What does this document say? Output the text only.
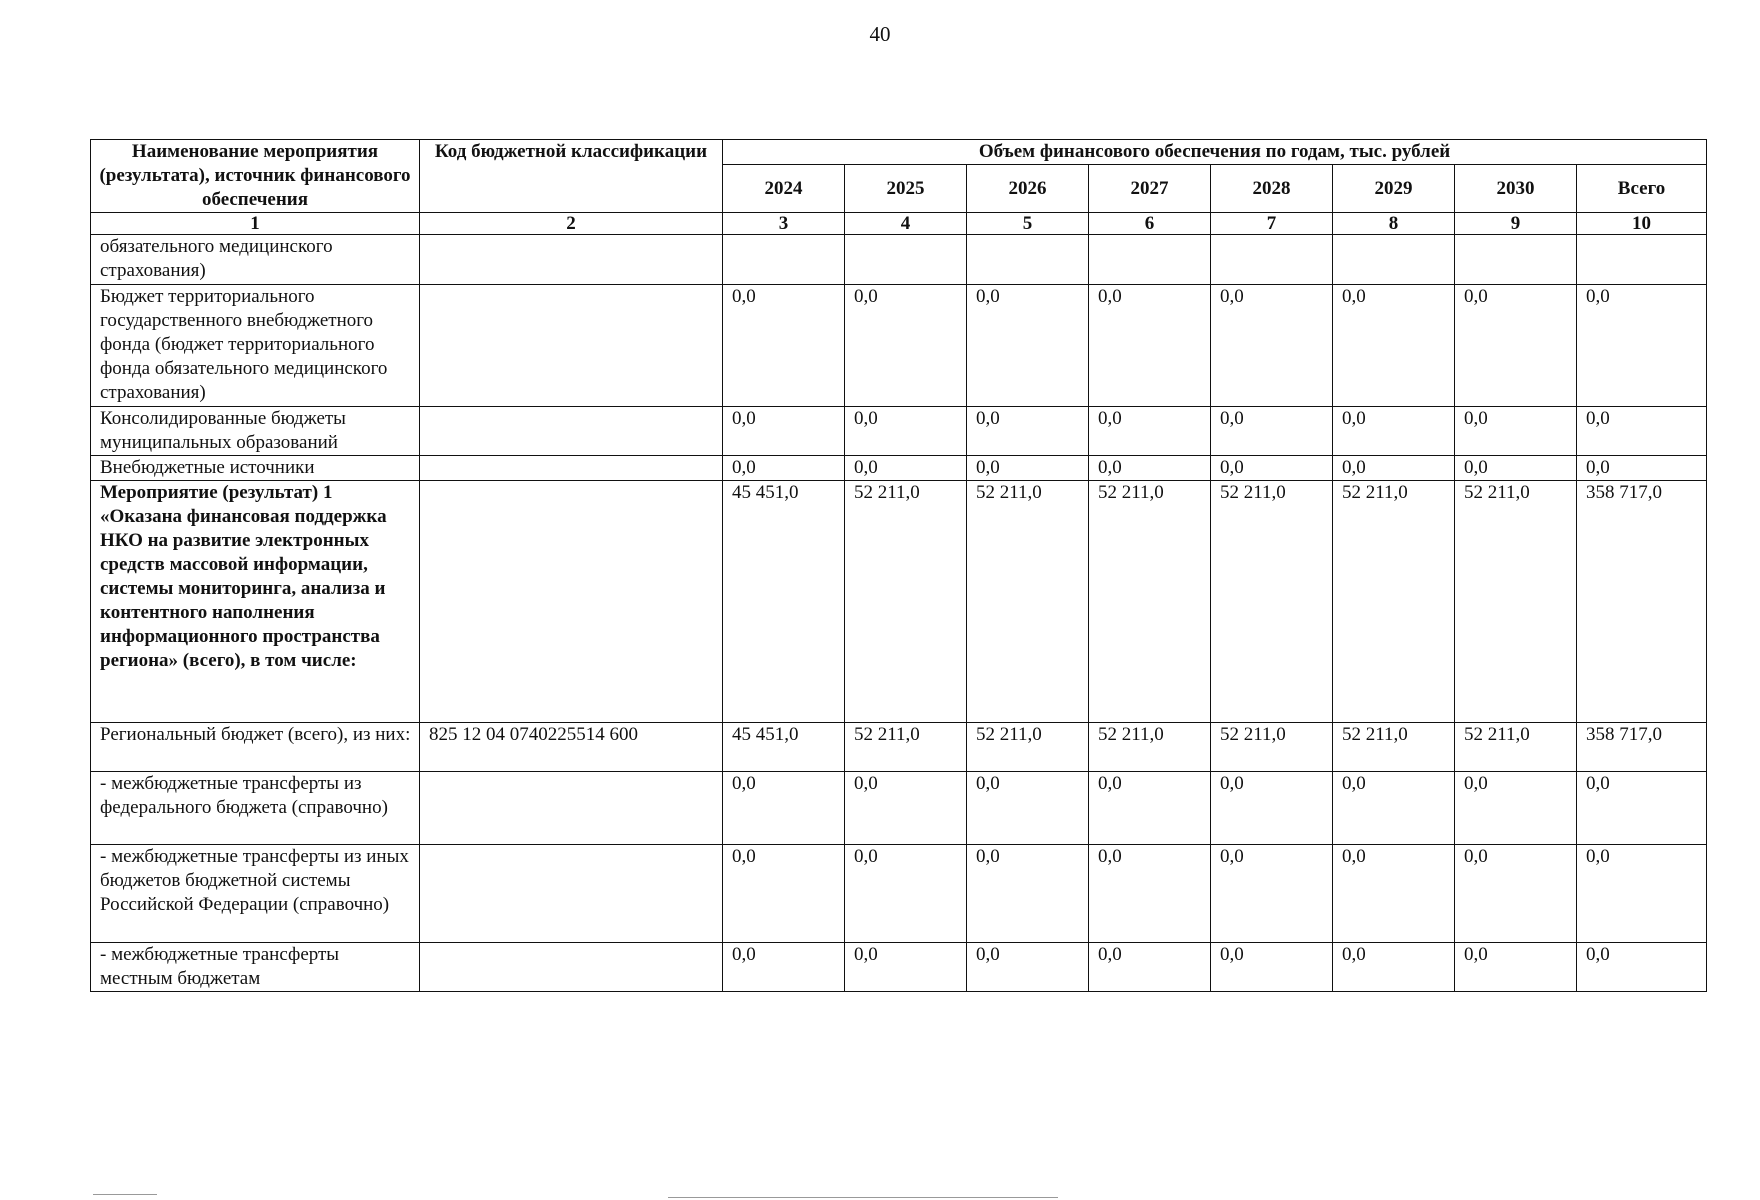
40
Наименование мероприятия (результата), источник финансового обеспечения	Код бюджетной классификации	Объем финансового обеспечения по годам, тыс. рублей							
		2024	2025	2026	2027	2028	2029	2030	Всего
1	2	3	4	5	6	7	8	9	10
обязательного медицинского страхования)									
Бюджет территориального государственного внебюджетного фонда (бюджет территориального фонда обязательного медицинского страхования)		0,0	0,0	0,0	0,0	0,0	0,0	0,0	0,0
Консолидированные бюджеты муниципальных образований		0,0	0,0	0,0	0,0	0,0	0,0	0,0	0,0
Внебюджетные источники		0,0	0,0	0,0	0,0	0,0	0,0	0,0	0,0
Мероприятие (результат) 1 «Оказана финансовая поддержка НКО на развитие электронных средств массовой информации, системы мониторинга, анализа и контентного наполнения информационного пространства региона» (всего), в том числе:		45 451,0	52 211,0	52 211,0	52 211,0	52 211,0	52 211,0	52 211,0	358 717,0
Региональный бюджет (всего), из них:	825 12 04 0740225514 600	45 451,0	52 211,0	52 211,0	52 211,0	52 211,0	52 211,0	52 211,0	358 717,0
- межбюджетные трансферты из федерального бюджета (справочно)		0,0	0,0	0,0	0,0	0,0	0,0	0,0	0,0
- межбюджетные трансферты из иных бюджетов бюджетной системы Российской Федерации (справочно)		0,0	0,0	0,0	0,0	0,0	0,0	0,0	0,0
- межбюджетные трансферты местным бюджетам		0,0	0,0	0,0	0,0	0,0	0,0	0,0	0,0
